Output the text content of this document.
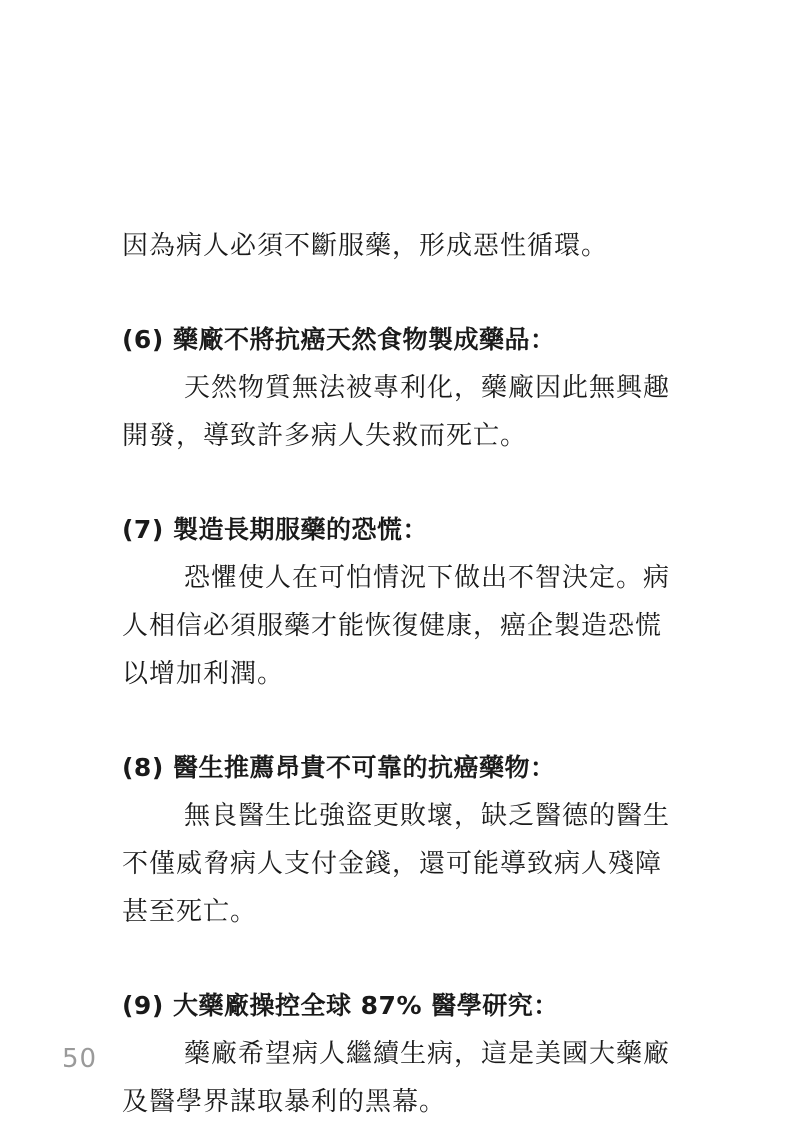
因為病人必須不斷服藥，形成惡性循環。
(6) 藥廠不將抗癌天然食物製成藥品：
天然物質無法被專利化，藥廠因此無興趣
開發，導致許多病人失救而死亡。
(7) 製造長期服藥的恐慌：
恐懼使人在可怕情況下做出不智決定。病
人相信必須服藥才能恢復健康，癌企製造恐慌
以增加利潤。
(8) 醫生推薦昂貴不可靠的抗癌藥物：
無良醫生比強盜更敗壞，缺乏醫德的醫生
不僅威脅病人支付金錢，還可能導致病人殘障
甚至死亡。
(9) 大藥廠操控全球 87% 醫學研究：
藥廠希望病人繼續生病，這是美國大藥廠
及醫學界謀取暴利的黑幕。
50
